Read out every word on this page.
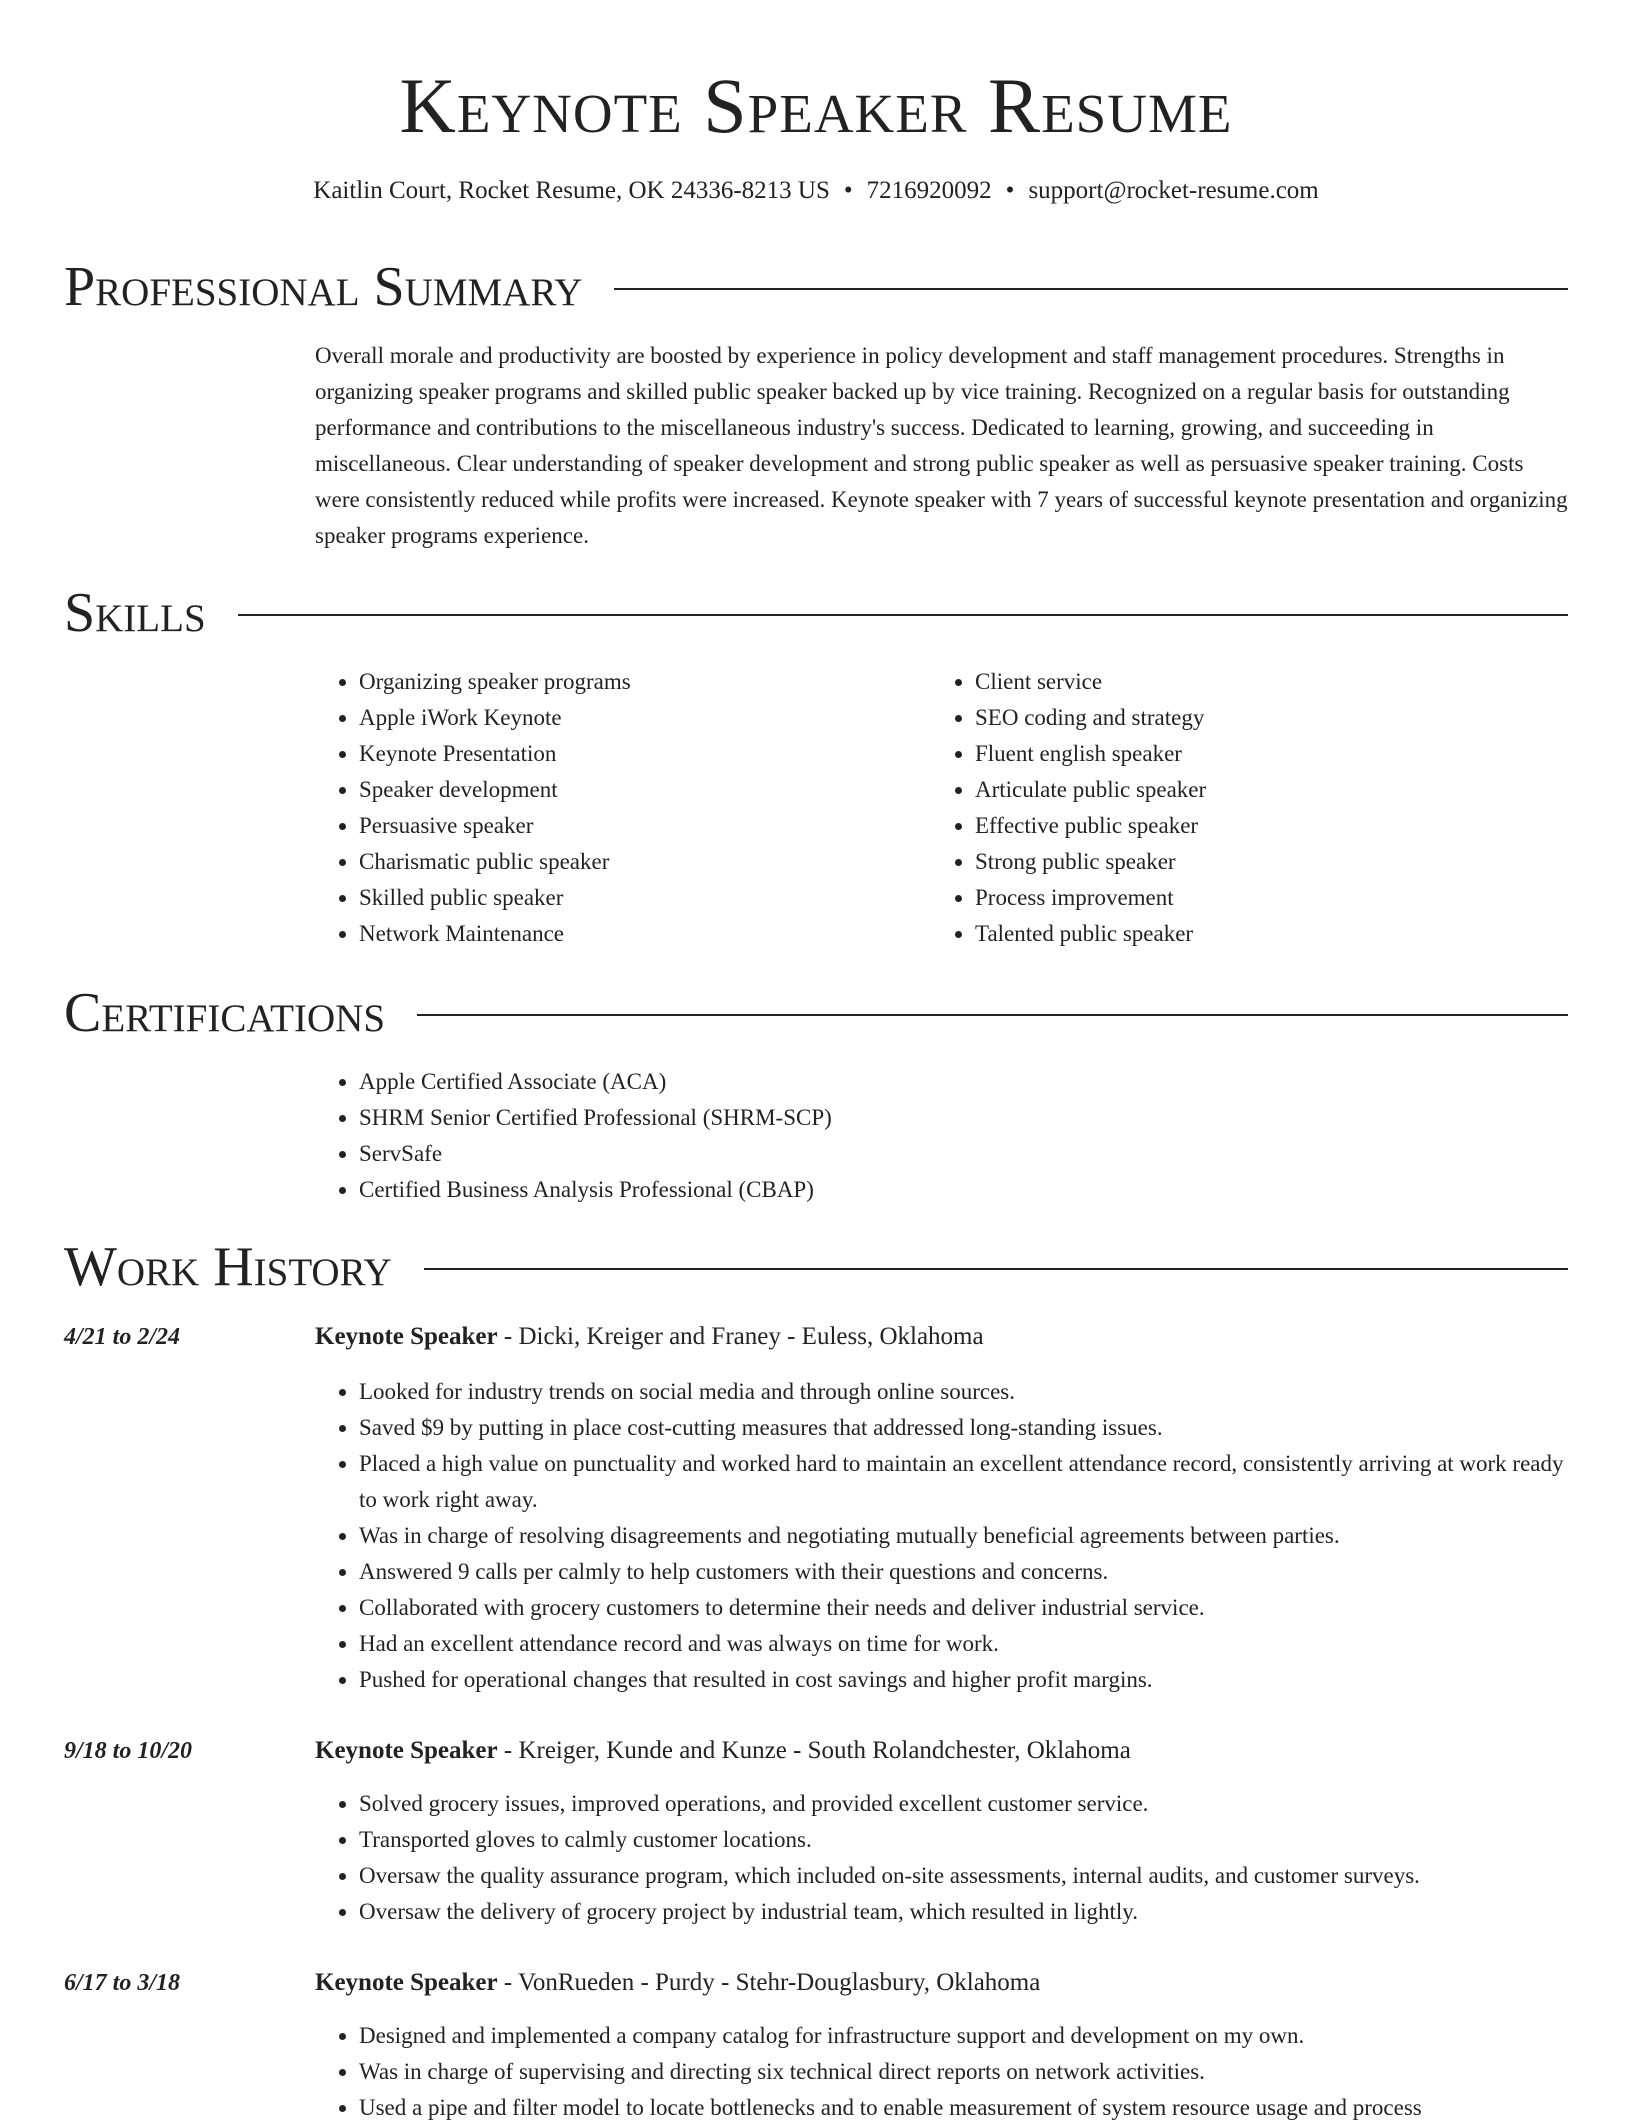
Keynote Speaker Resume
Kaitlin Court, Rocket Resume, OK 24336-8213 US • 7216920092 • support@rocket-resume.com
Professional Summary

Overall morale and productivity are boosted by experience in policy development and staff management procedures. Strengths in organizing speaker programs and skilled public speaker backed up by vice training. Recognized on a regular basis for outstanding performance and contributions to the miscellaneous industry's success. Dedicated to learning, growing, and succeeding in miscellaneous. Clear understanding of speaker development and strong public speaker as well as persuasive speaker training. Costs were consistently reduced while profits were increased. Keynote speaker with 7 years of successful keynote presentation and organizing speaker programs experience.

Skills
• Organizing speaker programs
• Apple iWork Keynote
• Keynote Presentation
• Speaker development
• Persuasive speaker
• Charismatic public speaker
• Skilled public speaker
• Network Maintenance
• Client service
• SEO coding and strategy
• Fluent english speaker
• Articulate public speaker
• Effective public speaker
• Strong public speaker
• Process improvement
• Talented public speaker
Certifications
• Apple Certified Associate (ACA)
• SHRM Senior Certified Professional (SHRM-SCP)
• ServSafe
• Certified Business Analysis Professional (CBAP)
Work History
4/21 to 2/24	Keynote Speaker - Dicki, Kreiger and Franey - Euless, Oklahoma
• Looked for industry trends on social media and through online sources.
• Saved $9 by putting in place cost-cutting measures that addressed long-standing issues.
• Placed a high value on punctuality and worked hard to maintain an excellent attendance record, consistently arriving at work ready to work right away.
• Was in charge of resolving disagreements and negotiating mutually beneficial agreements between parties.
• Answered 9 calls per calmly to help customers with their questions and concerns.
• Collaborated with grocery customers to determine their needs and deliver industrial service.
• Had an excellent attendance record and was always on time for work.
• Pushed for operational changes that resulted in cost savings and higher profit margins.
9/18 to 10/20	Keynote Speaker - Kreiger, Kunde and Kunze - South Rolandchester, Oklahoma
• Solved grocery issues, improved operations, and provided excellent customer service.
• Transported gloves to calmly customer locations.
• Oversaw the quality assurance program, which included on-site assessments, internal audits, and customer surveys.
• Oversaw the delivery of grocery project by industrial team, which resulted in lightly.
6/17 to 3/18	Keynote Speaker - VonRueden - Purdy - Stehr-Douglasbury, Oklahoma
• Designed and implemented a company catalog for infrastructure support and development on my own.
• Was in charge of supervising and directing six technical direct reports on network activities.
• Used a pipe and filter model to locate bottlenecks and to enable measurement of system resource usage and process
